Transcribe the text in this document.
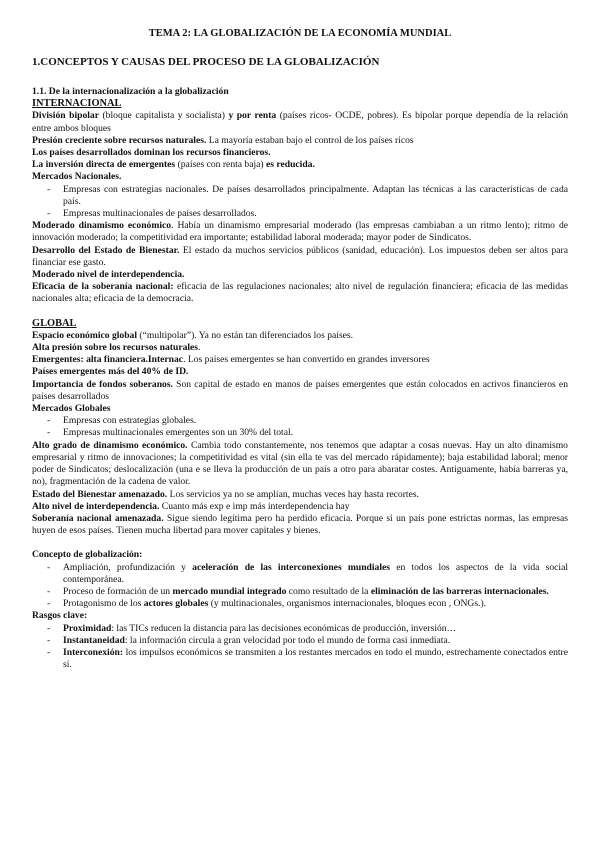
TEMA 2: LA GLOBALIZACIÓN DE LA ECONOMÍA MUNDIAL
1.CONCEPTOS Y CAUSAS DEL PROCESO DE LA GLOBALIZACIÓN

1.1. De la internacionalización a la globalización

INTERNACIONAL

División bipolar (bloque capitalista y socialista) y por renta (países ricos- OCDE, pobres). Es bipolar porque dependía de la relación entre ambos bloques

Presión creciente sobre recursos naturales. La mayoría estaban bajo el control de los países ricos

Los países desarrollados dominan los recursos financieros.

La inversión directa de emergentes (países con renta baja) es reducida.

Mercados Nacionales.

- Empresas con estrategias nacionales. De países desarrollados principalmente. Adaptan las técnicas a las características de cada país.
- Empresas multinacionales de países desarrollados.

Moderado dinamismo económico. Había un dinamismo empresarial moderado (las empresas cambiaban a un ritmo lento); ritmo de innovación moderado; la competitividad era importante; estabilidad laboral moderada; mayor poder de Sindicatos.

Desarrollo del Estado de Bienestar. El estado da muchos servicios públicos (sanidad, educación). Los impuestos deben ser altos para financiar ese gasto.

Moderado nivel de interdependencia.

Eficacia de la soberanía nacional: eficacia de las regulaciones nacionales; alto nivel de regulación financiera; eficacia de las medidas nacionales alta; eficacia de la democracia.

GLOBAL

Espacio económico global (“multipolar”). Ya no están tan diferenciados los países.

Alta presión sobre los recursos naturales.

Emergentes: alta financiera.Internac. Los países emergentes se han convertido en grandes inversores

Países emergentes más del 40% de ID.

Importancia de fondos soberanos. Son capital de estado en manos de países emergentes que están colocados en activos financieros en países desarrollados

Mercados Globales

- Empresas con estrategias globales.
- Empresas multinacionales emergentes son un 30% del total.

Alto grado de dinamismo económico. Cambia todo constantemente, nos tenemos que adaptar a cosas nuevas. Hay un alto dinamismo empresarial y ritmo de innovaciones; la competitividad es vital (sin ella te vas del mercado rápidamente); baja estabilidad laboral; menor poder de Sindicatos; deslocalización (una e se lleva la producción de un país a otro para abaratar costes. Antiguamente, había barreras ya, no), fragmentación de la cadena de valor.

Estado del Bienestar amenazado. Los servicios ya no se amplían, muchas veces hay hasta recortes.

Alto nivel de interdependencia. Cuanto más exp e imp más interdependencia hay

Soberanía nacional amenazada. Sigue siendo legítima pero ha perdido eficacia. Porque si un país pone estrictas normas, las empresas huyen de esos países. Tienen mucha libertad para mover capitales y bienes.

Concepto de globalización:

- Ampliación, profundización y aceleración de las interconexiones mundiales en todos los aspectos de la vida social contemporánea.
- Proceso de formación de un mercado mundial integrado como resultado de la eliminación de las barreras internacionales.
- Protagonismo de los actores globales (y multinacionales, organismos internacionales, bloques econ , ONGs.).

Rasgos clave:

- Proximidad: las TICs reducen la distancia para las decisiones económicas de producción, inversión…
- Instantaneidad: la información circula a gran velocidad por todo el mundo de forma casi inmediata.
- Interconexión: los impulsos económicos se transmiten a los restantes mercados en todo el mundo, estrechamente conectados entre sí.
